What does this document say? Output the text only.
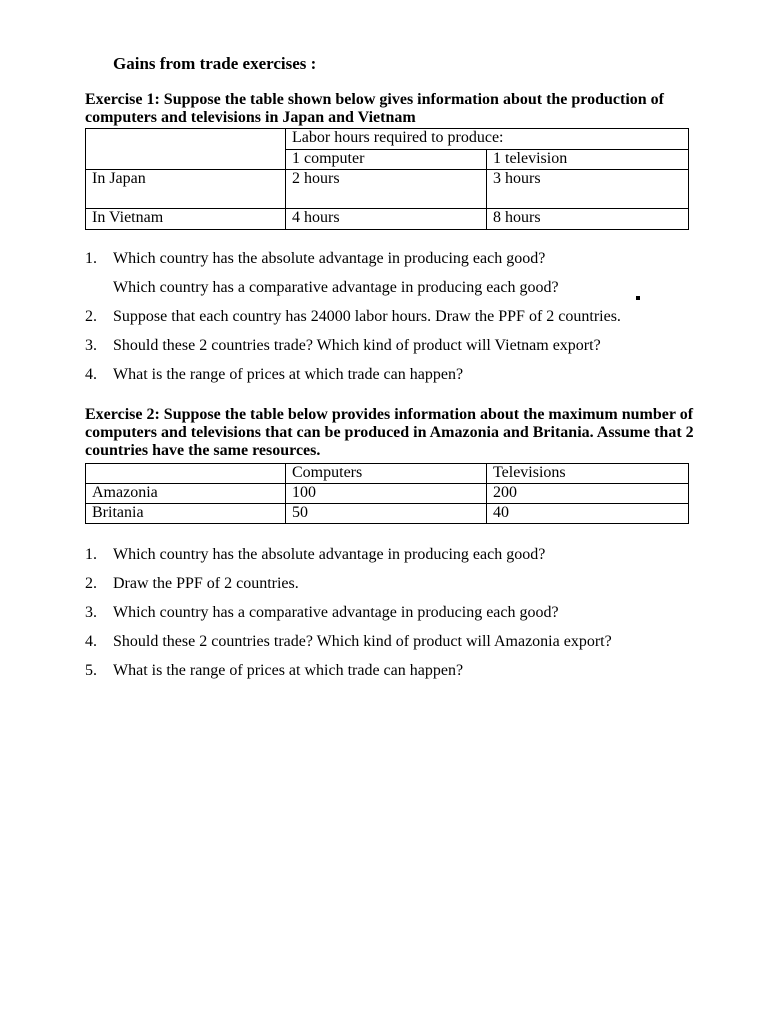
Gains from trade exercises :
Exercise 1: Suppose the table shown below gives information about the production of computers and televisions in Japan and Vietnam
	Labor hours required to produce:	
	1 computer	1 television
In Japan	2 hours	3 hours
In Vietnam	4 hours	8 hours
1.	Which country has the absolute advantage in producing each good?
Which country has a comparative advantage in producing each good?
2.	Suppose that each country has 24000 labor hours. Draw the PPF of 2 countries.
3.	Should these 2 countries trade? Which kind of product will Vietnam export?
4.	What is the range of prices at which trade can happen?
Exercise 2: Suppose the table below provides information about the maximum number of computers and televisions that can be produced in Amazonia and Britania. Assume that 2 countries have the same resources.
	Computers	Televisions
Amazonia	100	200
Britania	50	40
1.	Which country has the absolute advantage in producing each good?
2.	Draw the PPF of 2 countries.
3.	Which country has a comparative advantage in producing each good?
4.	Should these 2 countries trade? Which kind of product will Amazonia export?
5.	What is the range of prices at which trade can happen?
